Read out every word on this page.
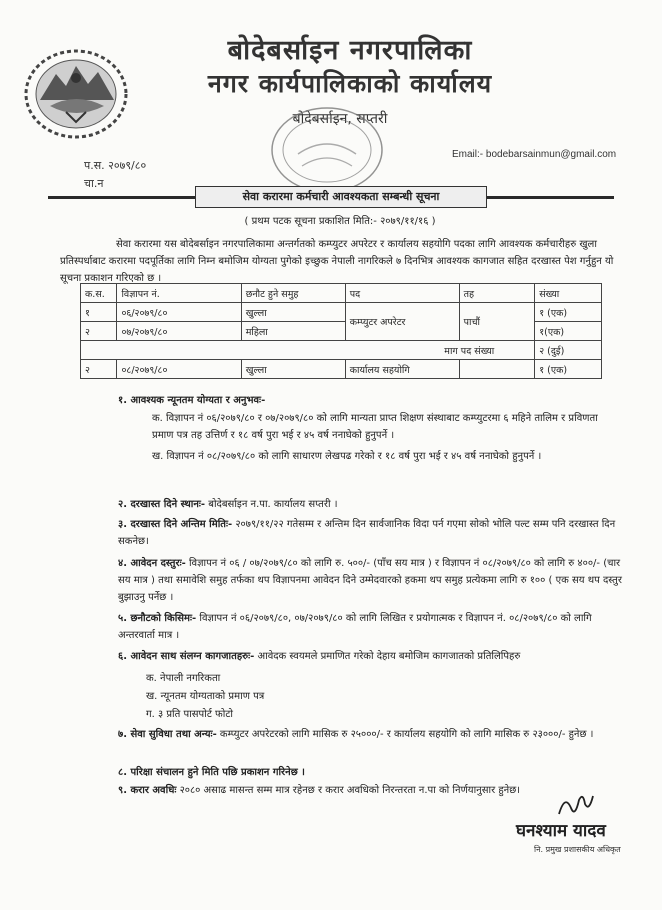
बोदेबर्साइन नगरपालिका
नगर कार्यपालिकाको कार्यालय
बोदेबर्साइन, सप्तरी
प.स. २०७९/८०
चा.न
Email:- bodebarsainmun@gmail.com
सेवा करारमा कर्मचारी आवश्यकता सम्बन्धी सूचना
( प्रथम पटक सूचना प्रकाशित मिति:- २०७९/११/१६ )
सेवा करारमा यस बोदेबर्साइन नगरपालिकामा अन्तर्गतको कम्प्युटर अपरेटर र कार्यालय सहयोगि पदका लागि आवश्यक कर्मचारीहरु खुला प्रतिस्पर्धाबाट करारमा पदपूर्तिका लागि निम्न बमोजिम योग्यता पुगेको इच्छुक नेपाली नागरिकले ७ दिनभित्र आवश्यक कागजात सहित दरखास्त पेश गर्नुहुन यो सूचना प्रकाशन गरिएको छ ।
क.स.	विज्ञापन नं.	छनौट हुने समुह	पद	तह	संख्या
१	०६/२०७९/८०	खुल्ला	कम्प्युटर अपरेटर	पाचौं	१ (एक)
२	०७/२०७९/८०	महिला			१(एक)
माग पद संख्या					२ (दुई)
२	०८/२०७९/८०	खुल्ला	कार्यालय सहयोगि		१ (एक)
१. आवश्यक न्यूनतम योग्यता र अनुभवः-
क. विज्ञापन नं ०६/२०७९/८० र ०७/२०७९/८० को लागि मान्यता प्राप्त शिक्षण संस्थाबाट कम्प्युटरमा ६ महिने तालिम र प्रविणता प्रमाण पत्र तह उत्तिर्ण र १८ वर्ष पुरा भई र ४५ वर्ष ननाघेको हुनुपर्ने ।
ख. विज्ञापन नं ०८/२०७९/८० को लागि साधारण लेखपढ गरेको र १८ वर्ष पुरा भई र ४५ वर्ष ननाघेको हुनुपर्ने ।
२. दरखास्त दिने स्थानः- बोदेबर्साइन न.पा. कार्यालय सप्तरी ।
३. दरखास्त दिने अन्तिम मितिः- २०७९/११/२२ गतेसम्म र अन्तिम दिन सार्वजानिक विदा पर्न गएमा सोको भोलि पल्ट सम्म पनि दरखास्त दिन सकनेछ।
४. आवेदन दस्तुरः- विज्ञापन नं ०६ / ०७/२०७९/८० को लागि रु. ५००/- (पाँच सय मात्र ) र विज्ञापन नं ०८/२०७९/८० को लागि रु ४००/- (चार सय मात्र ) तथा समावेशि समुह तर्फका थप विज्ञापनमा आवेदन दिने उम्मेदवारको हकमा थप समुह प्रत्येकमा लागि रु १०० ( एक सय थप दस्तुर बुझाउनु पर्नेछ ।
५. छनौटको किसिमः- विज्ञापन नं ०६/२०७९/८०, ०७/२०७९/८० को लागि लिखित र प्रयोगात्मक र विज्ञापन नं. ०८/२०७९/८० को लागि अन्तरवार्ता मात्र ।
६. आवेदन साथ संलग्न कागजातहरुः- आवेदक स्वयमले प्रमाणित गरेको देहाय बमोजिम कागजातको प्रतिलिपिहरु
क. नेपाली नगरिकता
ख. न्यूनतम योग्यताको प्रमाण पत्र
ग. ३ प्रति पासपोर्ट फोटो
७. सेवा सुविधा तथा अन्यः- कम्प्युटर अपरेटरको लागि मासिक रु २५०००/- र कार्यालय सहयोगि को लागि मासिक रु २३०००/- हुनेछ ।
८. परिक्षा संचालन हुने मिति पछि प्रकाशन गरिनेछ ।
९. करार अवधिः २०८० असाढ मासन्त सम्म मात्र रहेनछ र करार अवधिको निरन्तरता न.पा को निर्णयानुसार हुनेछ।
घनश्याम यादव
नि. प्रमुख प्रशासकीय अधिकृत
